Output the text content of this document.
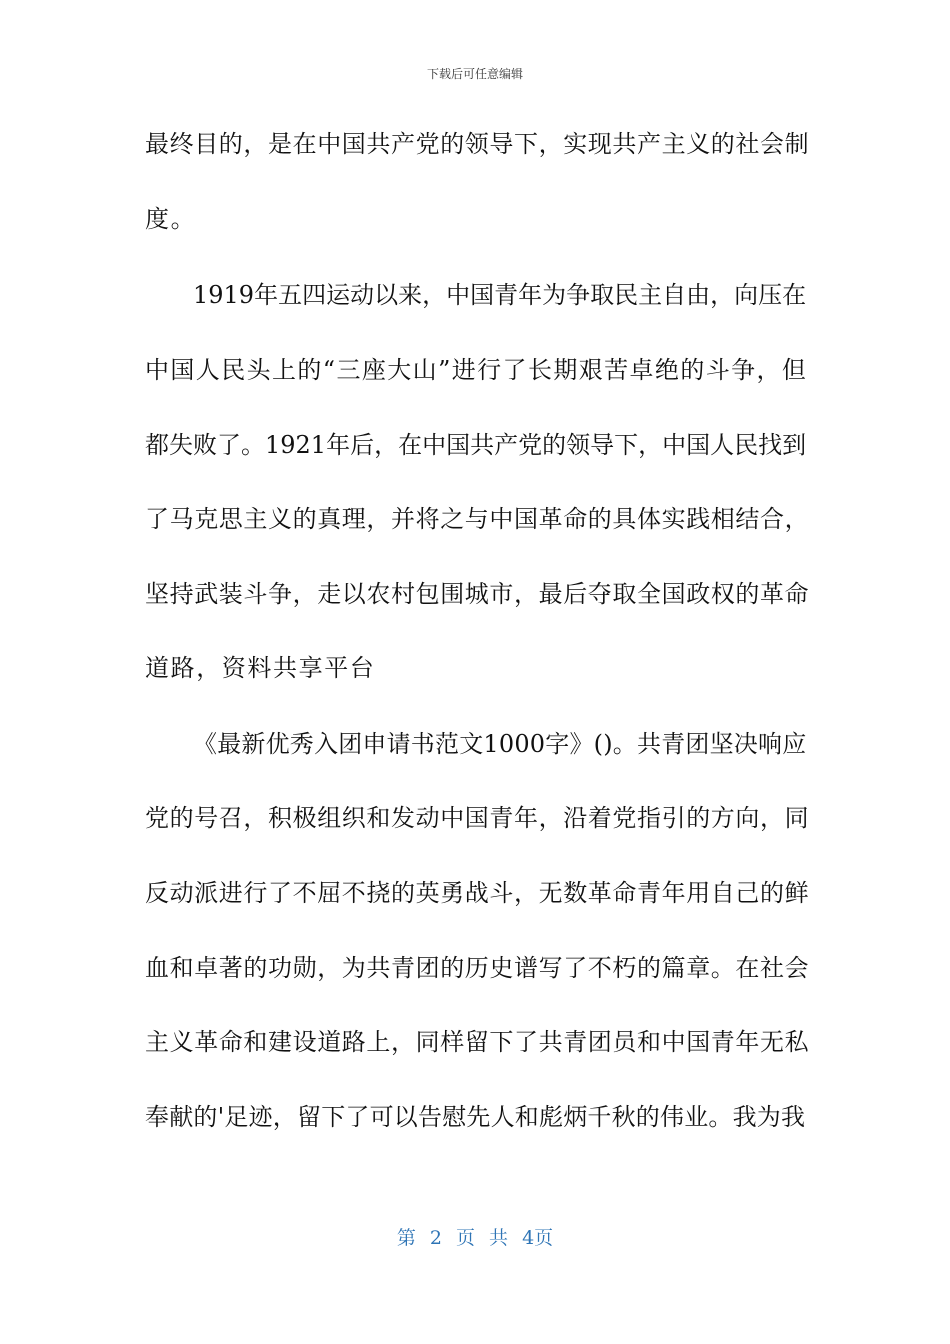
下载后可任意编辑
最终目的，是在中国共产党的领导下，实现共产主义的社会制
度。
1919年五四运动以来，中国青年为争取民主自由，向压在
中国人民头上的“三座大山”进行了长期艰苦卓绝的斗争，但
都失败了。1921年后，在中国共产党的领导下，中国人民找到
了马克思主义的真理，并将之与中国革命的具体实践相结合，
坚持武装斗争，走以农村包围城市，最后夺取全国政权的革命
道路，资料共享平台
《最新优秀入团申请书范文1000字》()。共青团坚决响应
党的号召，积极组织和发动中国青年，沿着党指引的方向，同
反动派进行了不屈不挠的英勇战斗，无数革命青年用自己的鲜
血和卓著的功勋，为共青团的历史谱写了不朽的篇章。在社会
主义革命和建设道路上，同样留下了共青团员和中国青年无私
奉献的'足迹，留下了可以告慰先人和彪炳千秋的伟业。我为我
第 2 页 共 4页
